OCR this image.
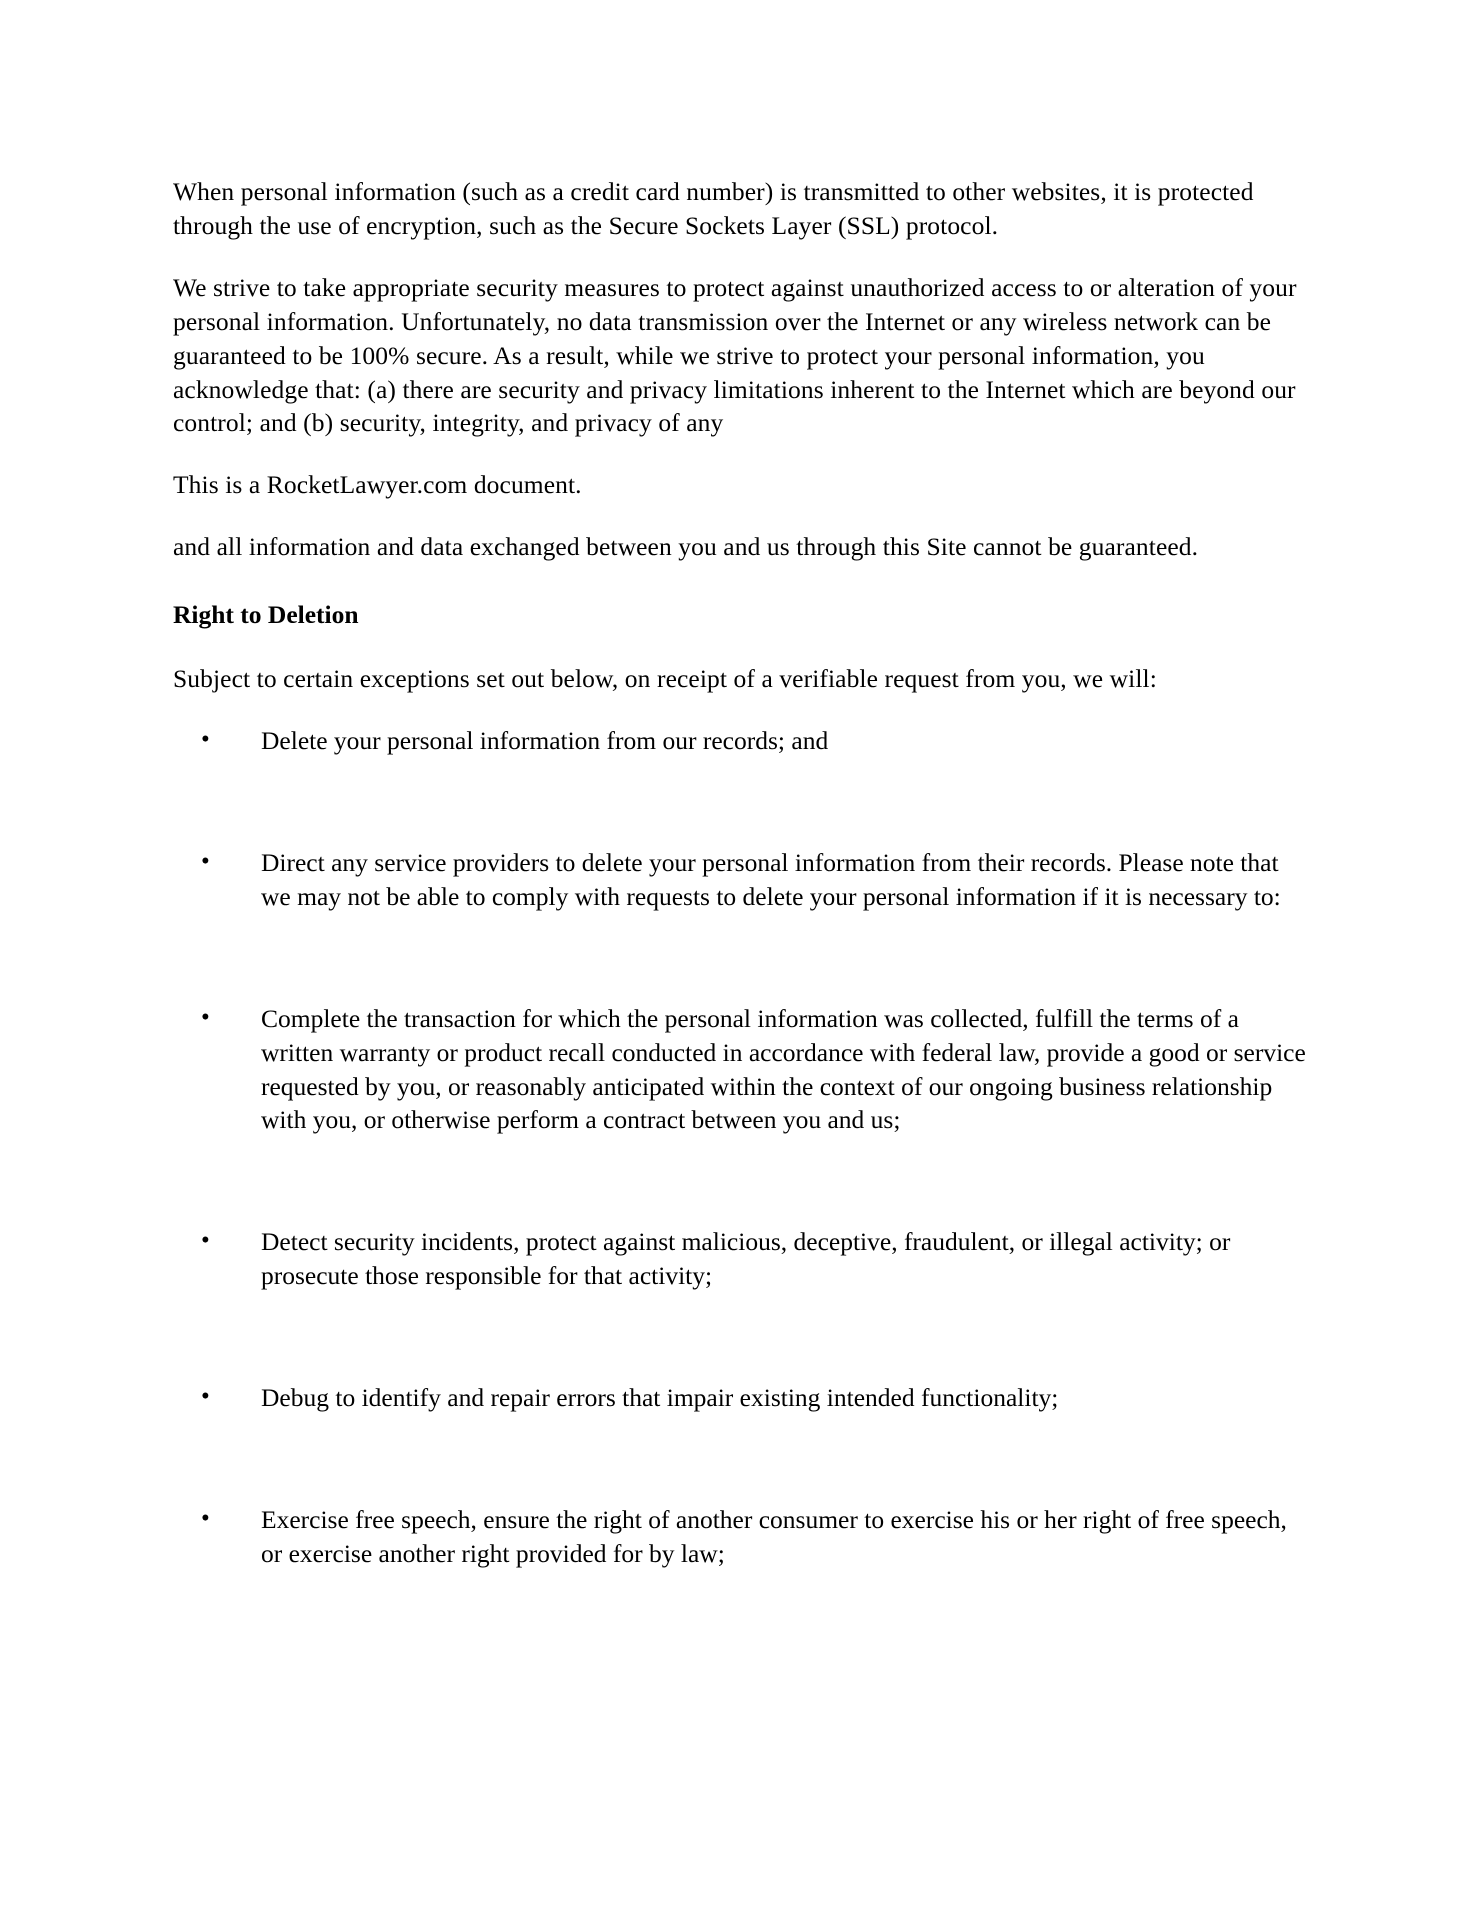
When personal information (such as a credit card number) is transmitted to other websites, it is protected through the use of encryption, such as the Secure Sockets Layer (SSL) protocol.

We strive to take appropriate security measures to protect against unauthorized access to or alteration of your personal information. Unfortunately, no data transmission over the Internet or any wireless network can be guaranteed to be 100% secure. As a result, while we strive to protect your personal information, you acknowledge that: (a) there are security and privacy limitations inherent to the Internet which are beyond our control; and (b) security, integrity, and privacy of any

This is a RocketLawyer.com document.

and all information and data exchanged between you and us through this Site cannot be guaranteed.

Right to Deletion

Subject to certain exceptions set out below, on receipt of a verifiable request from you, we will:

• Delete your personal information from our records; and
• Direct any service providers to delete your personal information from their records. Please note that we may not be able to comply with requests to delete your personal information if it is necessary to:
• Complete the transaction for which the personal information was collected, fulfill the terms of a written warranty or product recall conducted in accordance with federal law, provide a good or service requested by you, or reasonably anticipated within the context of our ongoing business relationship with you, or otherwise perform a contract between you and us;
• Detect security incidents, protect against malicious, deceptive, fraudulent, or illegal activity; or prosecute those responsible for that activity;
• Debug to identify and repair errors that impair existing intended functionality;
• Exercise free speech, ensure the right of another consumer to exercise his or her right of free speech, or exercise another right provided for by law;
